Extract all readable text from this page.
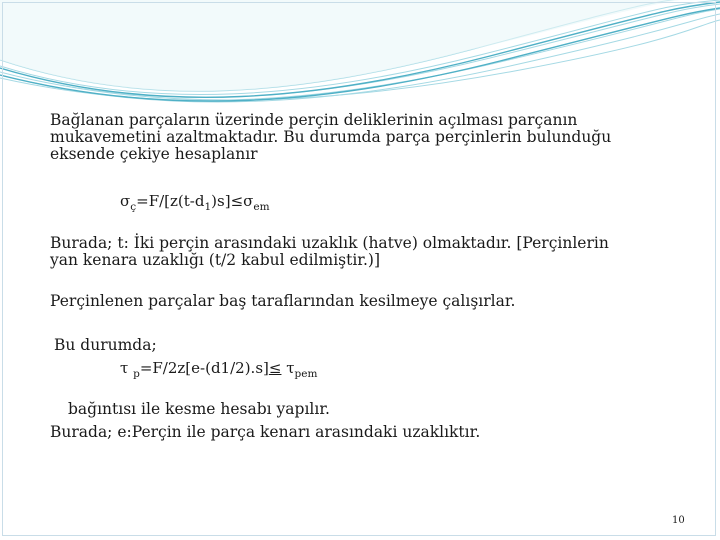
Bağlanan parçaların üzerinde perçin deliklerinin açılması parçanın
mukavemetini azaltmaktadır. Bu durumda parça perçinlerin bulunduğu
eksende çekiye hesaplanır
$\sigma_ç=F/[z(t-d_1)s]\le\sigma_{em}$
Burada; t: İki perçin arasındaki uzaklık (hatve) olmaktadır. [Perçinlerin
yan kenara uzaklığı (t/2 kabul edilmiştir.)]
Perçinlenen parçalar baş taraflarından kesilmeye çalışırlar.
Bu durumda;
τ $_p=F/2z[e-(d1/2).s]\le \tau_{pem}$
bağıntısı ile kesme hesabı yapılır.
Burada; e:Perçin ile parça kenarı arasındaki uzaklıktır.
10
